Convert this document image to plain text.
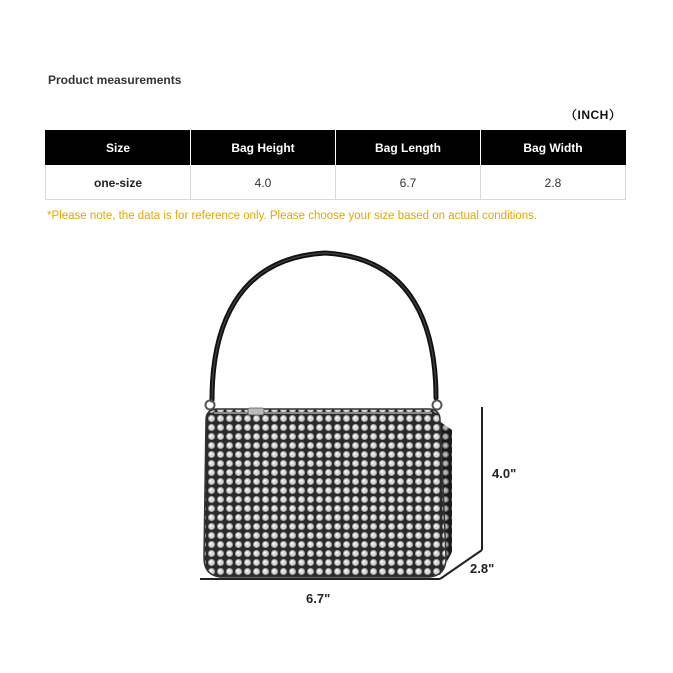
Product measurements
（INCH）
Size	Bag Height	Bag Length	Bag Width
one-size	4.0	6.7	2.8
*Please note, the data is for reference only. Please choose your size based on actual conditions.
4.0"
2.8"
6.7"
